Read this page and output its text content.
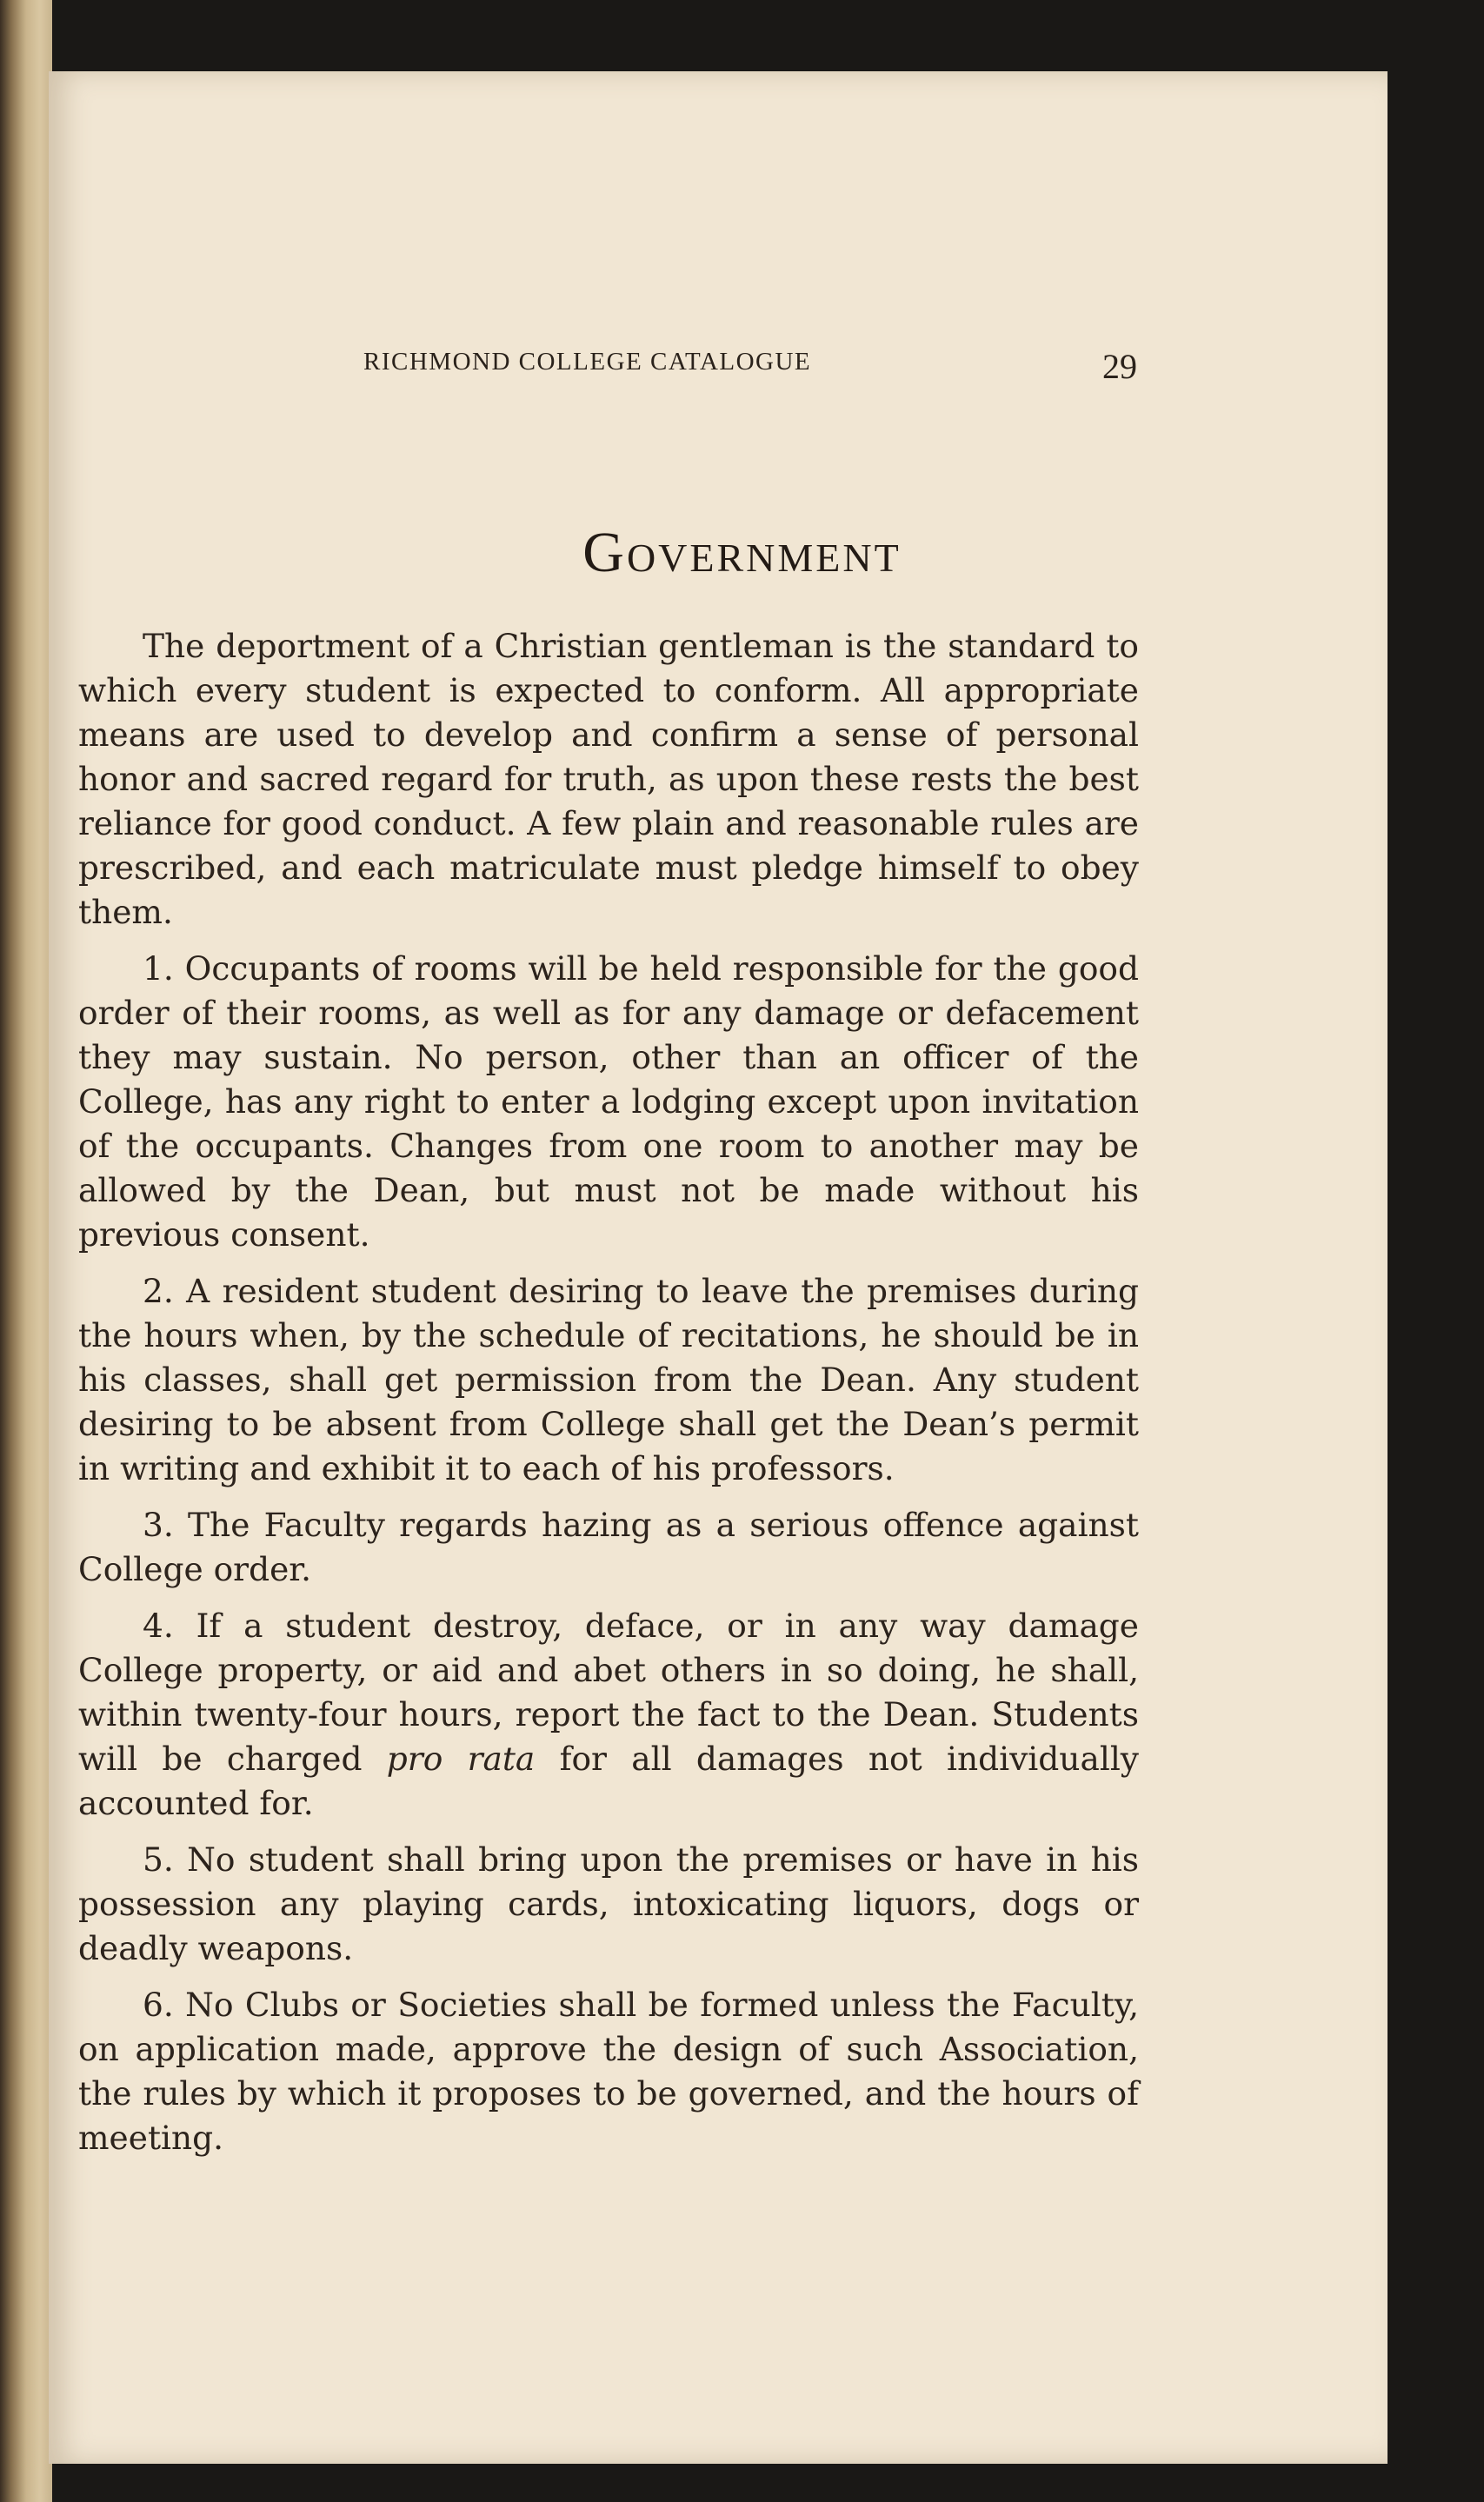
RICHMOND COLLEGE CATALOGUE	29
Government

The deportment of a Christian gentleman is the standard to which every student is expected to conform. All appropriate means are used to develop and confirm a sense of personal honor and sacred regard for truth, as upon these rests the best reliance for good conduct. A few plain and reasonable rules are prescribed, and each matriculate must pledge himself to obey them.

1. Occupants of rooms will be held responsible for the good order of their rooms, as well as for any damage or defacement they may sustain. No person, other than an officer of the College, has any right to enter a lodging except upon invitation of the occupants. Changes from one room to another may be allowed by the Dean, but must not be made without his previous consent.

2. A resident student desiring to leave the premises during the hours when, by the schedule of recitations, he should be in his classes, shall get permission from the Dean. Any student desiring to be absent from College shall get the Dean’s permit in writing and exhibit it to each of his professors.

3. The Faculty regards hazing as a serious offence against College order.

4. If a student destroy, deface, or in any way damage College property, or aid and abet others in so doing, he shall, within twenty-four hours, report the fact to the Dean. Students will be charged pro rata for all damages not individually accounted for.

5. No student shall bring upon the premises or have in his possession any playing cards, intoxicating liquors, dogs or deadly weapons.

6. No Clubs or Societies shall be formed unless the Faculty, on application made, approve the design of such Association, the rules by which it proposes to be governed, and the hours of meeting.
